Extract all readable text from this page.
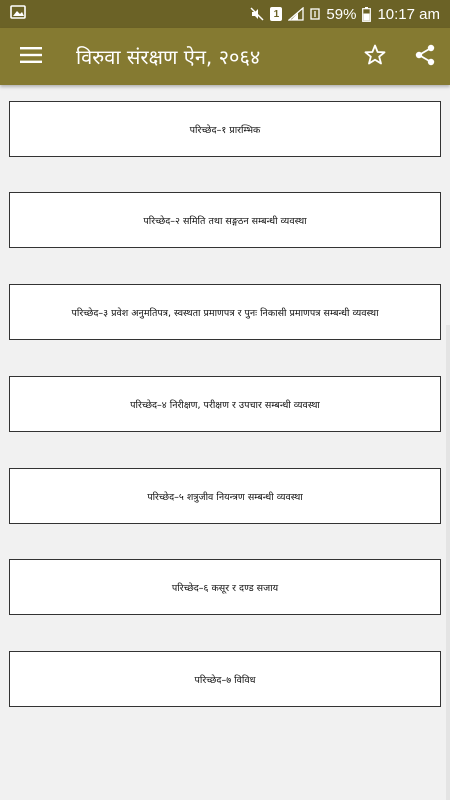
1	59% 10:17 am
विरुवा संरक्षण ऐन, २०६४
परिच्छेद–१ प्रारम्भिक
परिच्छेद–२ समिति तथा सङ्गठन सम्बन्धी व्यवस्था
परिच्छेद–३ प्रवेश अनुमतिपत्र, स्वस्थता प्रमाणपत्र र पुनः निकासी प्रमाणपत्र सम्बन्धी व्यवस्था
परिच्छेद–४ निरीक्षण, परीक्षण र उपचार सम्बन्धी व्यवस्था
परिच्छेद–५ शत्रुजीव नियन्त्रण सम्बन्धी व्यवस्था
परिच्छेद–६ कसूर र दण्ड सजाय
परिच्छेद–७ विविध
